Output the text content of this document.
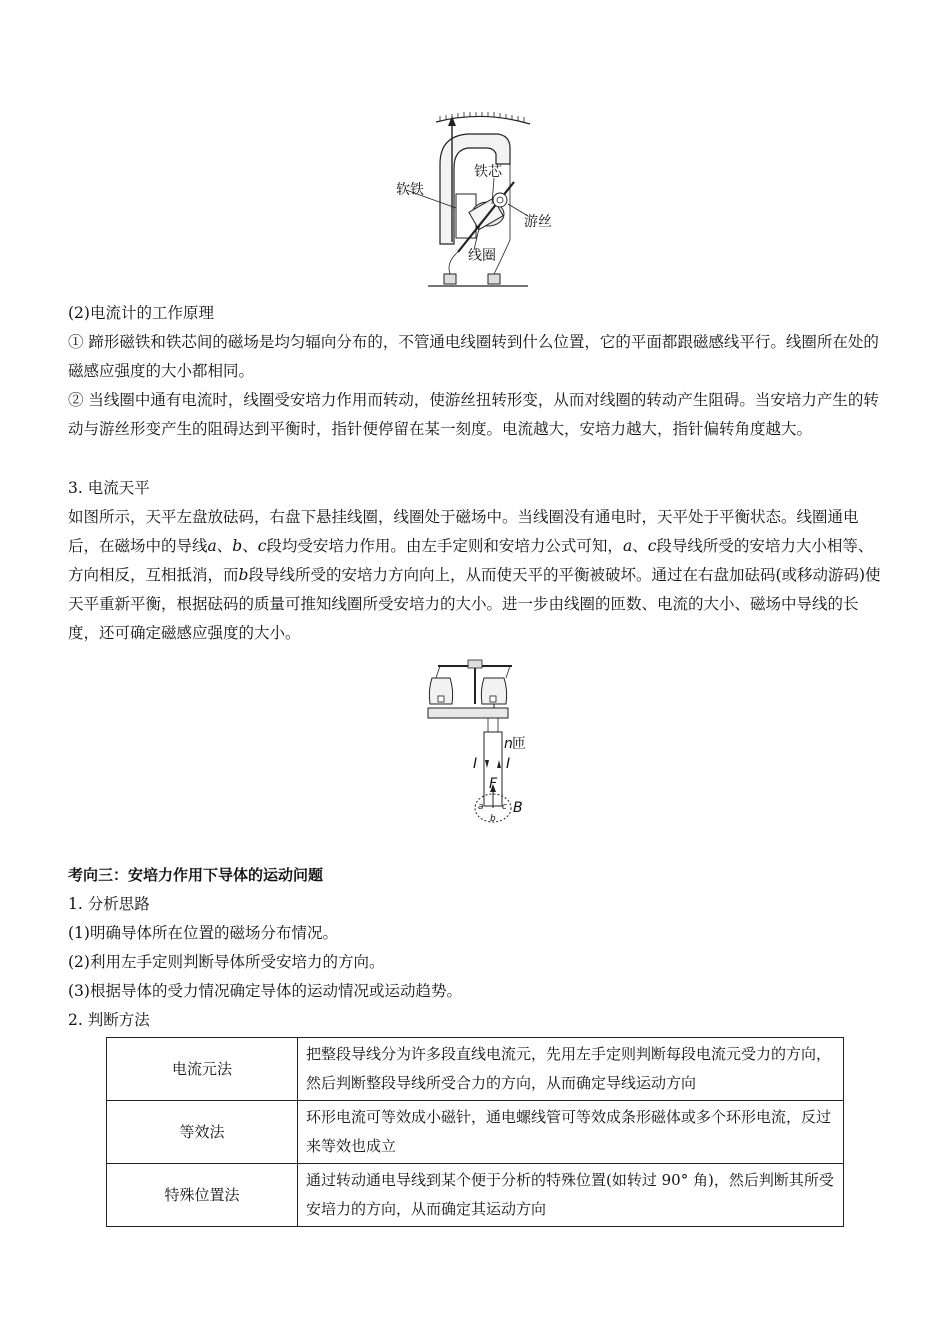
软铁
铁芯
游丝
线圈

(2)电流计的工作原理

① 蹄形磁铁和铁芯间的磁场是均匀辐向分布的，不管通电线圈转到什么位置，它的平面都跟磁感线平行。线圈所在处的磁感应强度的大小都相同。

② 当线圈中通有电流时，线圈受安培力作用而转动，使游丝扭转形变，从而对线圈的转动产生阻碍。当安培力产生的转动与游丝形变产生的阻碍达到平衡时，指针便停留在某一刻度。电流越大，安培力越大，指针偏转角度越大。

3. 电流天平

如图所示，天平左盘放砝码，右盘下悬挂线圈，线圈处于磁场中。当线圈没有通电时，天平处于平衡状态。线圈通电后，在磁场中的导线a、b、c段均受安培力作用。由左手定则和安培力公式可知，a、c段导线所受的安培力大小相等、方向相反，互相抵消，而b段导线所受的安培力方向向上，从而使天平的平衡被破坏。通过在右盘加砝码(或移动游码)使天平重新平衡，根据砝码的质量可推知线圈所受安培力的大小。进一步由线圈的匝数、电流的大小、磁场中导线的长度，还可确定磁感应强度的大小。

n 匝
I I
F
B
a
b
c

考向三：安培力作用下导体的运动问题

1. 分析思路

(1)明确导体所在位置的磁场分布情况。

(2)利用左手定则判断导体所受安培力的方向。

(3)根据导体的受力情况确定导体的运动情况或运动趋势。

2. 判断方法

电流元法	把整段导线分为许多段直线电流元，先用左手定则判断每段电流元受力的方向，然后判断整段导线所受合力的方向，从而确定导线运动方向
等效法	环形电流可等效成小磁针，通电螺线管可等效成条形磁体或多个环形电流，反过来等效也成立
特殊位置法	通过转动通电导线到某个便于分析的特殊位置(如转过 90° 角)，然后判断其所受安培力的方向，从而确定其运动方向
